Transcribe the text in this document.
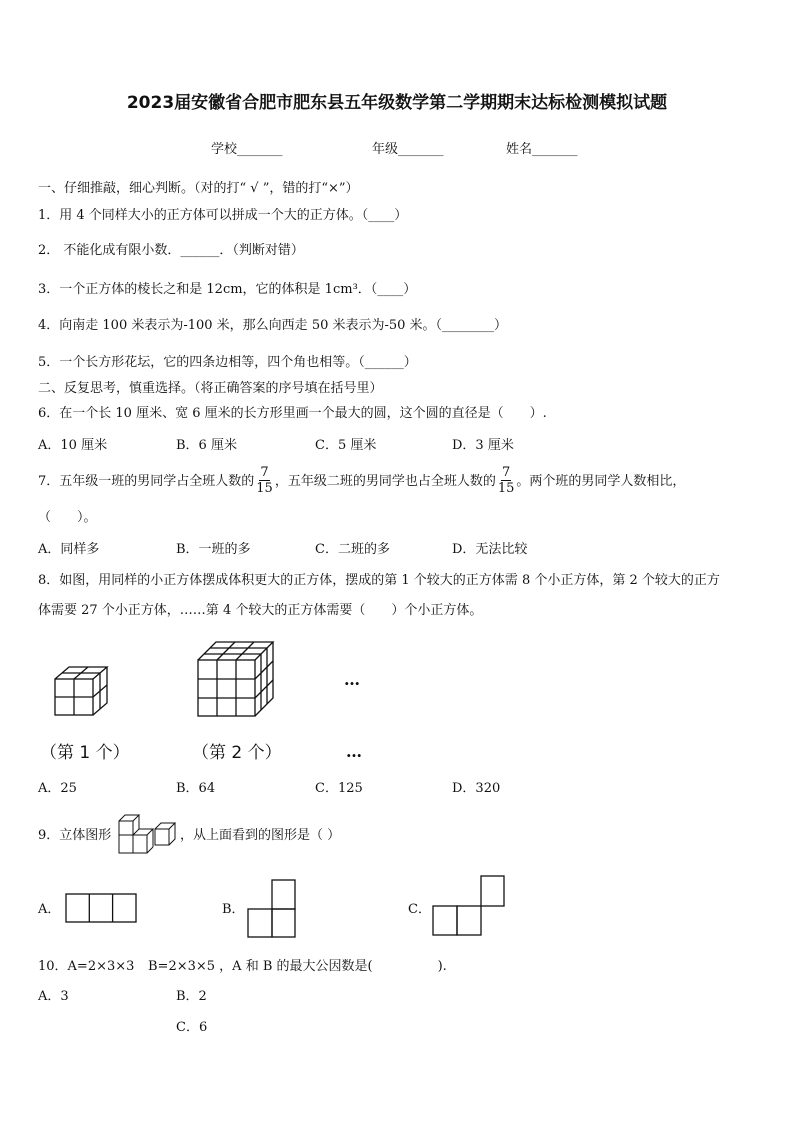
2023届安徽省合肥市肥东县五年级数学第二学期期末达标检测模拟试题
学校_______	年级_______	姓名_______
一、仔细推敲，细心判断。（对的打“ √ ”，错的打“×”）
1．用 4 个同样大小的正方体可以拼成一个大的正方体。（____）
2． 不能化成有限小数．______．（判断对错）
3．一个正方体的棱长之和是 12cm，它的体积是 1cm³．（____）
4．向南走 100 米表示为-100 米，那么向西走 50 米表示为-50 米。（________）
5．一个长方形花坛，它的四条边相等，四个角也相等。（______）
二、反复思考，慎重选择。（将正确答案的序号填在括号里）
6．在一个长 10 厘米、宽 6 厘米的长方形里画一个最大的圆，这个圆的直径是（　　）.
A．10 厘米	B．6 厘米	C．5 厘米	D．3 厘米
7．五年级一班的男同学占全班人数的 $\frac{7}{15}$ ，五年级二班的男同学也占全班人数的 $\frac{7}{15}$ 。两个班的男同学人数相比，
（　　）。
A．同样多	B．一班的多	C．二班的多	D．无法比较
8．如图，用同样的小正方体摆成体积更大的正方体，摆成的第 1 个较大的正方体需 8 个小正方体，第 2 个较大的正方
体需要 27 个小正方体，……第 4 个较大的正方体需要（　　）个小正方体。
…
（第 1 个）	（第 2 个）	…
A．25	B．64	C．125	D．320
9．立体图形	，从上面看到的图形是（ ）
A．	B．	C．
10．A=2×3×3 B=2×3×5 ，A 和 B 的最大公因数是(　　　　　).
A．3	B．2
C．6
